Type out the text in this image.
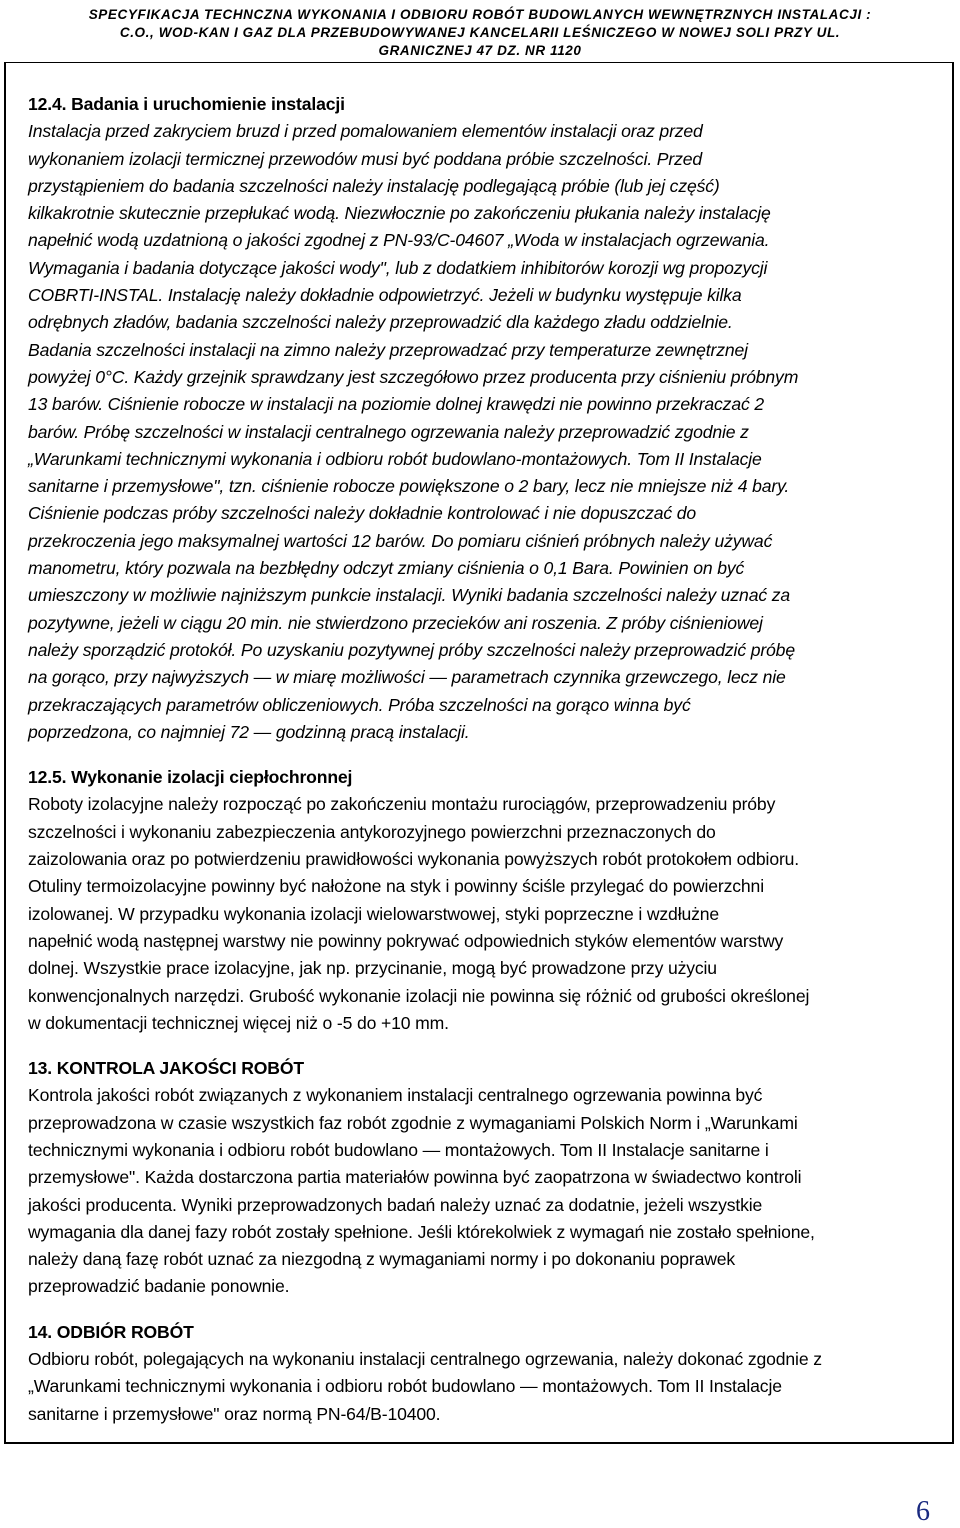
SPECYFIKACJA TECHNCZNA WYKONANIA I ODBIORU ROBÓT BUDOWLANYCH WEWNĘTRZNYCH INSTALACJI :
C.O., WOD-KAN I GAZ DLA PRZEBUDOWYWANEJ KANCELARII LEŚNICZEGO W NOWEJ SOLI PRZY UL.
GRANICZNEJ 47 DZ. NR 1120
12.4. Badania i uruchomienie instalacji
Instalacja przed zakryciem bruzd i przed pomalowaniem elementów instalacji oraz przed
wykonaniem izolacji termicznej przewodów musi być poddana próbie szczelności. Przed
przystąpieniem do badania szczelności należy instalację podlegającą próbie (lub jej część)
kilkakrotnie skutecznie przepłukać wodą. Niezwłocznie po zakończeniu płukania należy instalację
napełnić wodą uzdatnioną o jakości zgodnej z PN-93/C-04607 „Woda w instalacjach ogrzewania.
Wymagania i badania dotyczące jakości wody", lub z dodatkiem inhibitorów korozji wg propozycji
COBRTI-INSTAL. Instalację należy dokładnie odpowietrzyć. Jeżeli w budynku występuje kilka
odrębnych zładów, badania szczelności należy przeprowadzić dla każdego zładu oddzielnie.
Badania szczelności instalacji na zimno należy przeprowadzać przy temperaturze zewnętrznej
powyżej 0°C. Każdy grzejnik sprawdzany jest szczegółowo przez producenta przy ciśnieniu próbnym
13 barów. Ciśnienie robocze w instalacji na poziomie dolnej krawędzi nie powinno przekraczać 2
barów. Próbę szczelności w instalacji centralnego ogrzewania należy przeprowadzić zgodnie z
„Warunkami technicznymi wykonania i odbioru robót budowlano-montażowych. Tom II Instalacje
sanitarne i przemysłowe", tzn. ciśnienie robocze powiększone o 2 bary, lecz nie mniejsze niż 4 bary.
Ciśnienie podczas próby szczelności należy dokładnie kontrolować i nie dopuszczać do
przekroczenia jego maksymalnej wartości 12 barów. Do pomiaru ciśnień próbnych należy używać
manometru, który pozwala na bezbłędny odczyt zmiany ciśnienia o 0,1 Bara. Powinien on być
umieszczony w możliwie najniższym punkcie instalacji. Wyniki badania szczelności należy uznać za
pozytywne, jeżeli w ciągu 20 min. nie stwierdzono przecieków ani roszenia. Z próby ciśnieniowej
należy sporządzić protokół. Po uzyskaniu pozytywnej próby szczelności należy przeprowadzić próbę
na gorąco, przy najwyższych — w miarę możliwości — parametrach czynnika grzewczego, lecz nie
przekraczających parametrów obliczeniowych. Próba szczelności na gorąco winna być
poprzedzona, co najmniej 72 — godzinną pracą instalacji.
12.5. Wykonanie izolacji ciepłochronnej
Roboty izolacyjne należy rozpocząć po zakończeniu montażu rurociągów, przeprowadzeniu próby
szczelności i wykonaniu zabezpieczenia antykorozyjnego powierzchni przeznaczonych do
zaizolowania oraz po potwierdzeniu prawidłowości wykonania powyższych robót protokołem odbioru.
Otuliny termoizolacyjne powinny być nałożone na styk i powinny ściśle przylegać do powierzchni
izolowanej. W przypadku wykonania izolacji wielowarstwowej, styki poprzeczne i wzdłużne
napełnić wodą następnej warstwy nie powinny pokrywać odpowiednich styków elementów warstwy
dolnej. Wszystkie prace izolacyjne, jak np. przycinanie, mogą być prowadzone przy użyciu
konwencjonalnych narzędzi. Grubość wykonanie izolacji nie powinna się różnić od grubości określonej
w dokumentacji technicznej więcej niż o -5 do +10 mm.
13. KONTROLA JAKOŚCI ROBÓT
Kontrola jakości robót związanych z wykonaniem instalacji centralnego ogrzewania powinna być
przeprowadzona w czasie wszystkich faz robót zgodnie z wymaganiami Polskich Norm i „Warunkami
technicznymi wykonania i odbioru robót budowlano — montażowych. Tom II Instalacje sanitarne i
przemysłowe". Każda dostarczona partia materiałów powinna być zaopatrzona w świadectwo kontroli
jakości producenta. Wyniki przeprowadzonych badań należy uznać za dodatnie, jeżeli wszystkie
wymagania dla danej fazy robót zostały spełnione. Jeśli którekolwiek z wymagań nie zostało spełnione,
należy daną fazę robót uznać za niezgodną z wymaganiami normy i po dokonaniu poprawek
przeprowadzić badanie ponownie.
14. ODBIÓR ROBÓT
Odbioru robót, polegających na wykonaniu instalacji centralnego ogrzewania, należy dokonać zgodnie z
„Warunkami technicznymi wykonania i odbioru robót budowlano — montażowych. Tom II Instalacje
sanitarne i przemysłowe" oraz normą PN-64/B-10400.
6
